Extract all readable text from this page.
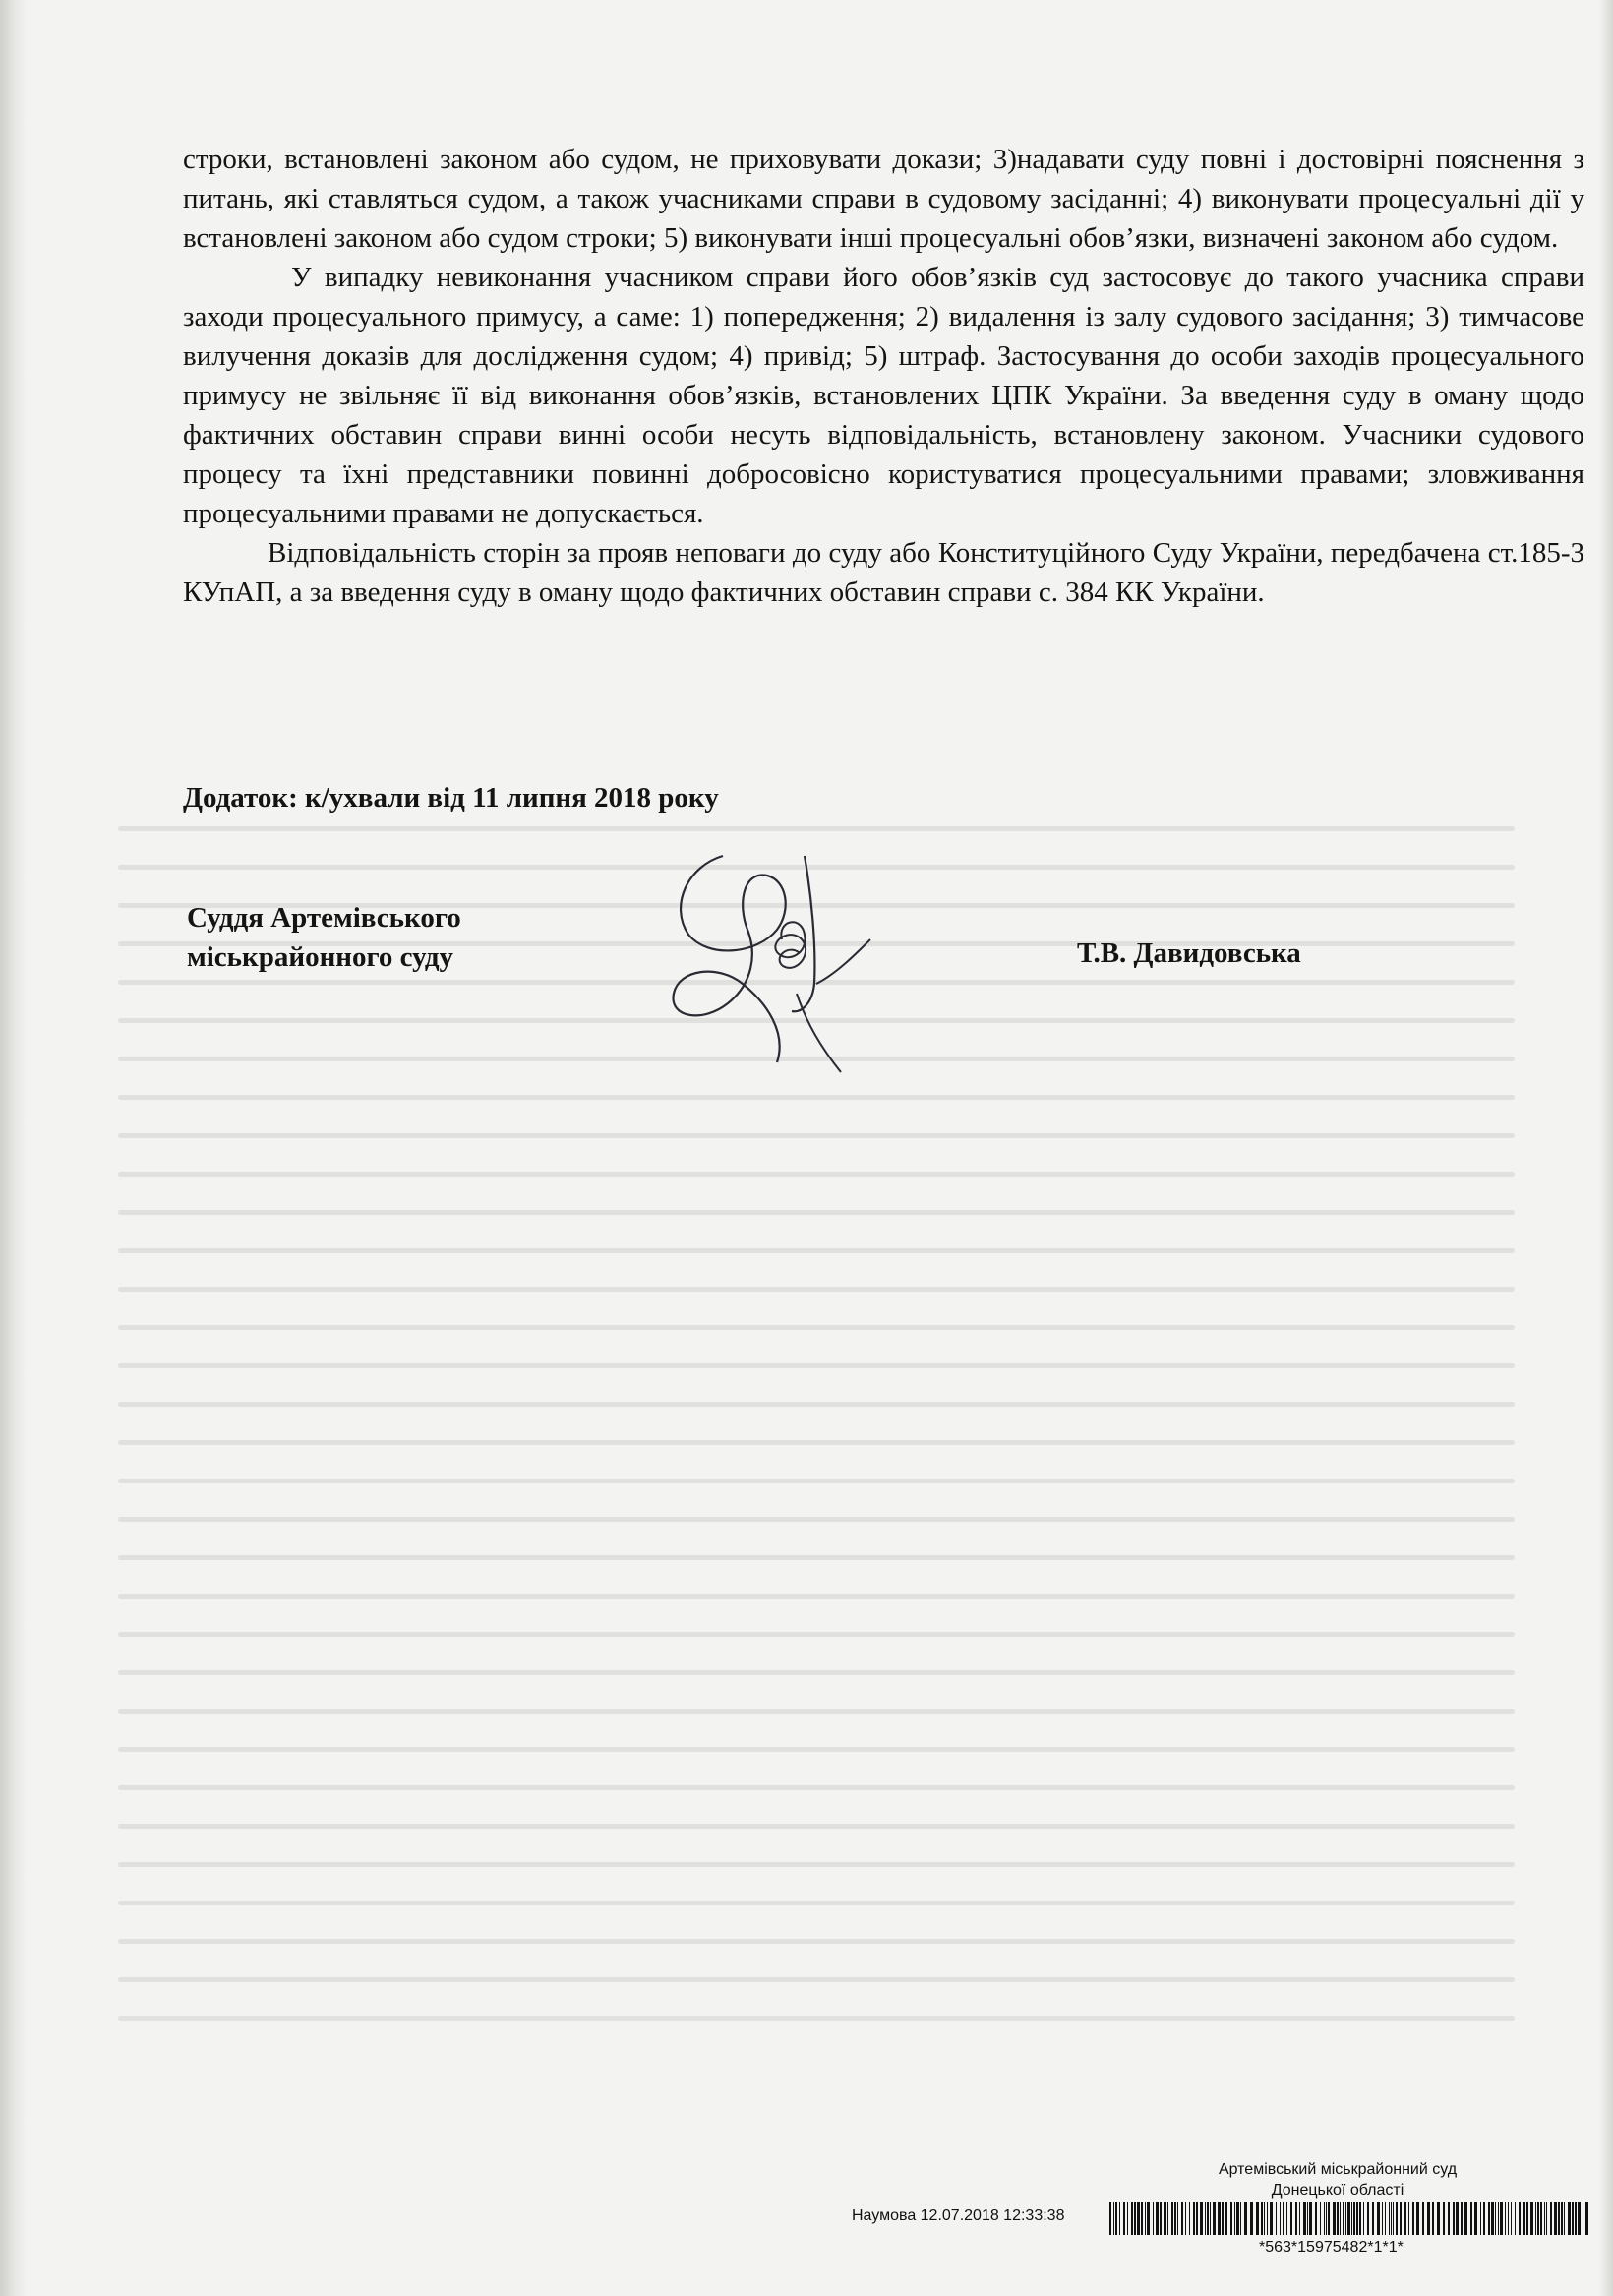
строки, встановлені законом або судом, не приховувати докази; 3)надавати суду повні і достовірні пояснення з питань, які ставляться судом, а також учасниками справи в судовому засіданні; 4) виконувати процесуальні дії у встановлені законом або судом строки; 5) виконувати інші процесуальні обов’язки, визначені законом або судом.

У випадку невиконання учасником справи його обов’язків суд застосовує до такого учасника справи заходи процесуального примусу, а саме: 1) попередження; 2) видалення із залу судового засідання; 3) тимчасове вилучення доказів для дослідження судом; 4) привід; 5) штраф. Застосування до особи заходів процесуального примусу не звільняє її від виконання обов’язків, встановлених ЦПК України. За введення суду в оману щодо фактичних обставин справи винні особи несуть відповідальність, встановлену законом. Учасники судового процесу та їхні представники повинні добросовісно користуватися процесуальними правами; зловживання процесуальними правами не допускається.

Відповідальність сторін за прояв неповаги до суду або Конституційного Суду України, передбачена ст.185-3 КУпАП, а за введення суду в оману щодо фактичних обставин справи с. 384 КК України.

Додаток: к/ухвали від 11 липня 2018 року
Суддя Артемівського
міськрайонного суду	Т.В. Давидовська
Артемівський міськрайонний суд
Донецької області
Наумова 12.07.2018 12:33:38
*563*15975482*1*1*
